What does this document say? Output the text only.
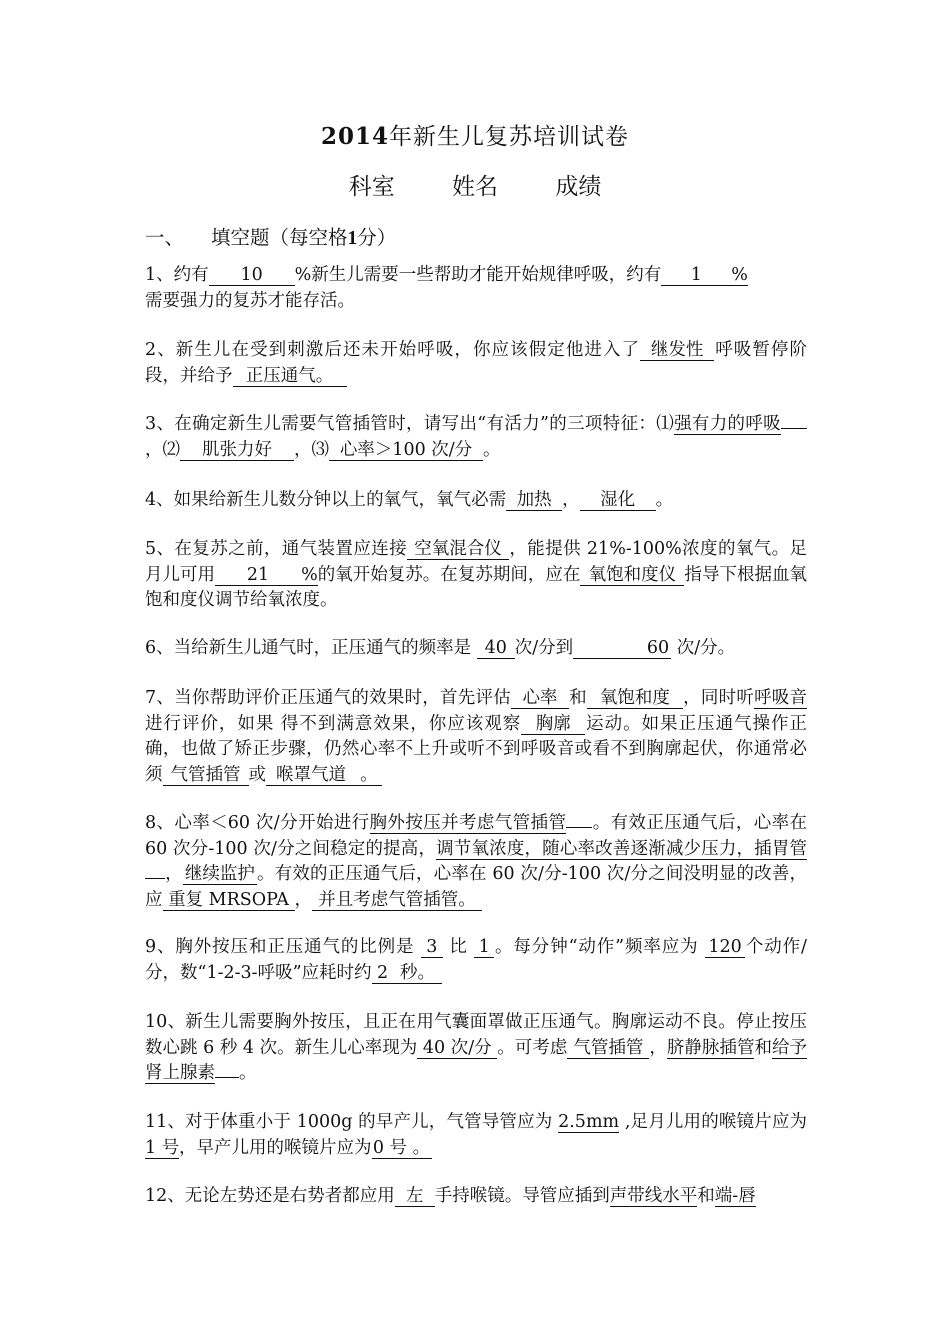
2014年新生儿复苏培训试卷
科室 姓名 成绩
一、 填空题（每空格1分）
1、约有 10 %新生儿需要一些帮助才能开始规律呼吸，约有 1 %
需要强力的复苏才能存活。
2、新生儿在受到刺激后还未开始呼吸，你应该假定他进入了 继发性 呼吸暂停阶段，并给予 正压通气。
3、在确定新生儿需要气管插管时，请写出“有活力”的三项特征：⑴强有力的呼吸，⑵ 肌张力好 ，⑶ 心率＞100 次/分 。
4、如果给新生儿数分钟以上的氧气，氧气必需 加热 ， 湿化 。
5、在复苏之前，通气装置应连接 空氧混合仪 ，能提供 21%-100%浓度的氧气。足月儿可用 21 %的氧开始复苏。在复苏期间，应在 氧饱和度仪 指导下根据血氧饱和度仪调节给氧浓度。
6、当给新生儿通气时，正压通气的频率是 40 次/分到	60 次/分。
7、当你帮助评价正压通气的效果时，首先评估 心率 和 氧饱和度 ，同时听呼吸音进行评价，如果 得不到满意效果，你应该观察 胸廓 运动。如果正压通气操作正确，也做了矫正步骤，仍然心率不上升或听不到呼吸音或看不到胸廓起伏，你通常必须 气管插管 或 喉罩气道 。
8、心率＜60 次/分开始进行胸外按压并考虑气管插管 。有效正压通气后，心率在 60 次分-100 次/分之间稳定的提高，调节氧浓度，随心率改善逐渐减少压力，插胃管， 继续监护 。有效的正压通气后，心率在 60 次/分-100 次/分之间没明显的改善，应 重复 MRSOPA ， 并且考虑气管插管。
9、胸外按压和正压通气的比例是 3 比 1 。每分钟“动作”频率应为 120 个动作/分，数“1-2-3-呼吸”应耗时约 2 秒。
10、新生儿需要胸外按压，且正在用气囊面罩做正压通气。胸廓运动不良。停止按压数心跳 6 秒 4 次。新生儿心率现为 40 次/分 。可考虑 气管插管 ，脐静脉插管和给予肾上腺素 。
11、对于体重小于 1000g 的早产儿，气管导管应为 2.5mm ,足月儿用的喉镜片应为1 号，早产儿用的喉镜片应为0 号 。
12、无论左势还是右势者都应用 左 手持喉镜。导管应插到声带线水平和端-唇
